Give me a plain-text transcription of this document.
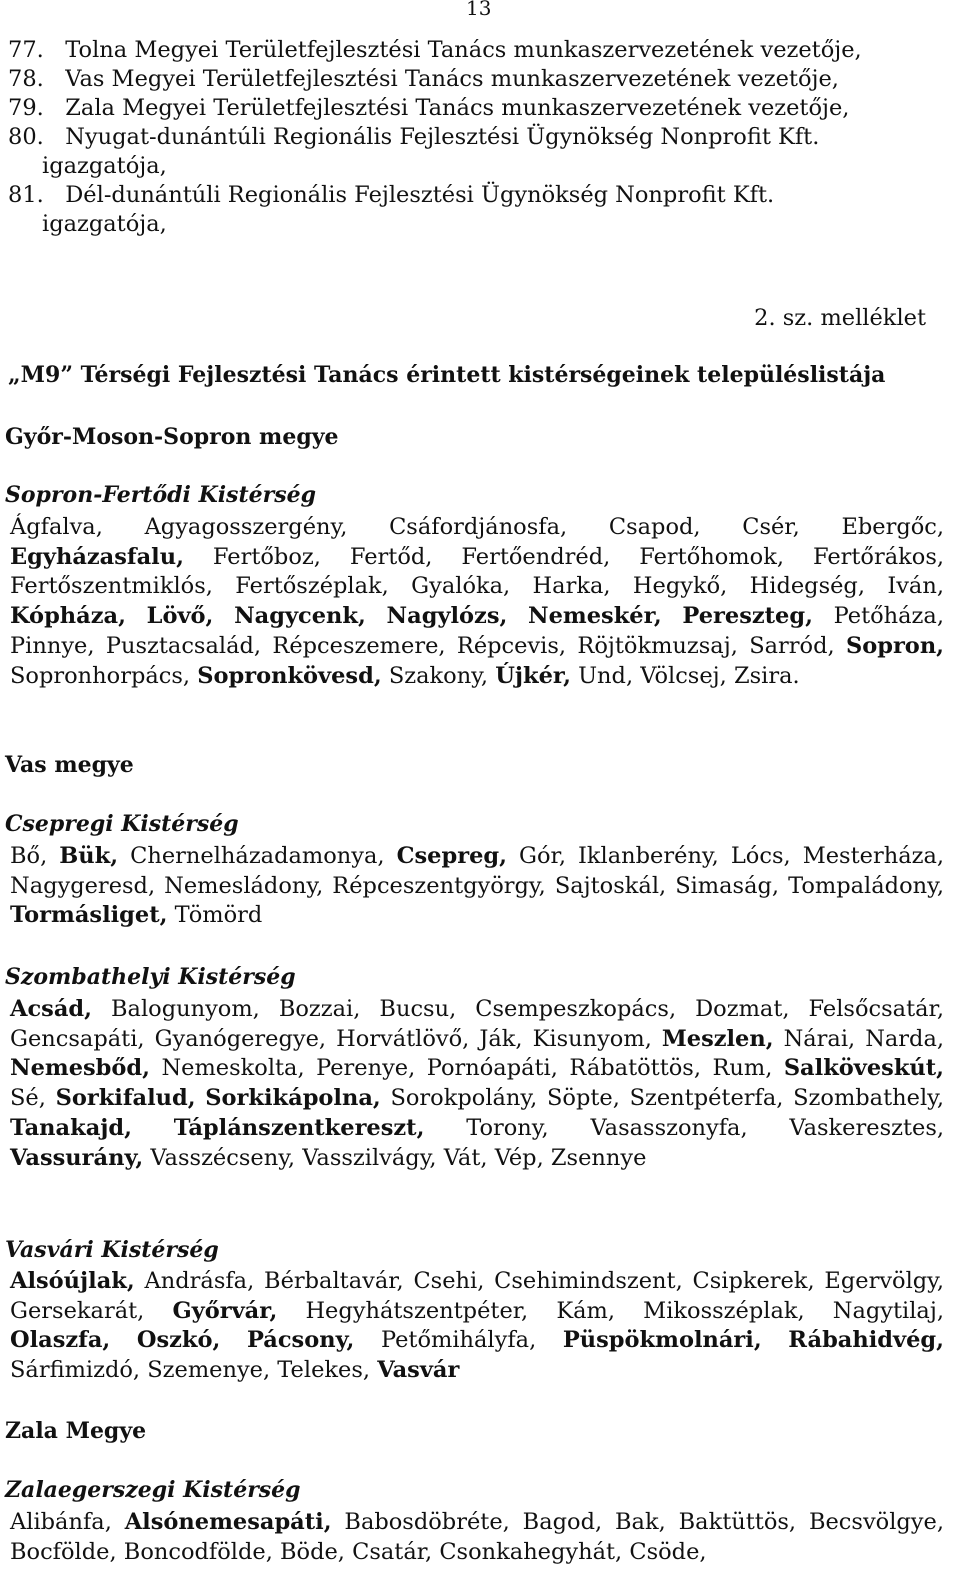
13
77. Tolna Megyei Területfejlesztési Tanács munkaszervezetének vezetője,
78. Vas Megyei Területfejlesztési Tanács munkaszervezetének vezetője,
79. Zala Megyei Területfejlesztési Tanács munkaszervezetének vezetője,
80. Nyugat-dunántúli Regionális Fejlesztési Ügynökség Nonprofit Kft.
igazgatója,
81. Dél-dunántúli Regionális Fejlesztési Ügynökség Nonprofit Kft.
igazgatója,
2. sz. melléklet
„M9” Térségi Fejlesztési Tanács érintett kistérségeinek településlistája
Győr-Moson-Sopron megye
Sopron-Fertődi Kistérség
Ágfalva, Agyagosszergény, Csáfordjánosfa, Csapod, Csér, Ebergőc, Egyházasfalu, Fertőboz, Fertőd, Fertőendréd, Fertőhomok, Fertőrákos, Fertőszentmiklós, Fertőszéplak, Gyalóka, Harka, Hegykő, Hidegség, Iván, Kópháza, Lövő, Nagycenk, Nagylózs, Nemeskér, Pereszteg, Petőháza, Pinnye, Pusztacsalád, Répceszemere, Répcevis, Röjtökmuzsaj, Sarród, Sopron, Sopronhorpács, Sopronkövesd, Szakony, Újkér, Und, Völcsej, Zsira.
Vas megye
Csepregi Kistérség
Bő, Bük, Chernelházadamonya, Csepreg, Gór, Iklanberény, Lócs, Mesterháza, Nagygeresd, Nemesládony, Répceszentgyörgy, Sajtoskál, Simaság, Tompaládony, Tormásliget, Tömörd
Szombathelyi Kistérség
Acsád, Balogunyom, Bozzai, Bucsu, Csempeszkopács, Dozmat, Felsőcsatár, Gencsapáti, Gyanógeregye, Horvátlövő, Ják, Kisunyom, Meszlen, Nárai, Narda, Nemesbőd, Nemeskolta, Perenye, Pornóapáti, Rábatöttös, Rum, Salköveskút, Sé, Sorkifalud, Sorkikápolna, Sorokpolány, Söpte, Szentpéterfa, Szombathely, Tanakajd, Táplánszentkereszt, Torony, Vasasszonyfa, Vaskeresztes, Vassurány, Vasszécseny, Vasszilvágy, Vát, Vép, Zsennye
Vasvári Kistérség
Alsóújlak, Andrásfa, Bérbaltavár, Csehi, Csehimindszent, Csipkerek, Egervölgy, Gersekarát, Győrvár, Hegyhátszentpéter, Kám, Mikosszéplak, Nagytilaj, Olaszfa, Oszkó, Pácsony, Petőmihályfa, Püspökmolnári, Rábahidvég, Sárfimizdó, Szemenye, Telekes, Vasvár
Zala Megye
Zalaegerszegi Kistérség
Alibánfa, Alsónemesapáti, Babosdöbréte, Bagod, Bak, Baktüttös, Becsvölgye, Bocfölde, Boncodfölde, Böde, Csatár, Csonkahegyhát, Csöde,
